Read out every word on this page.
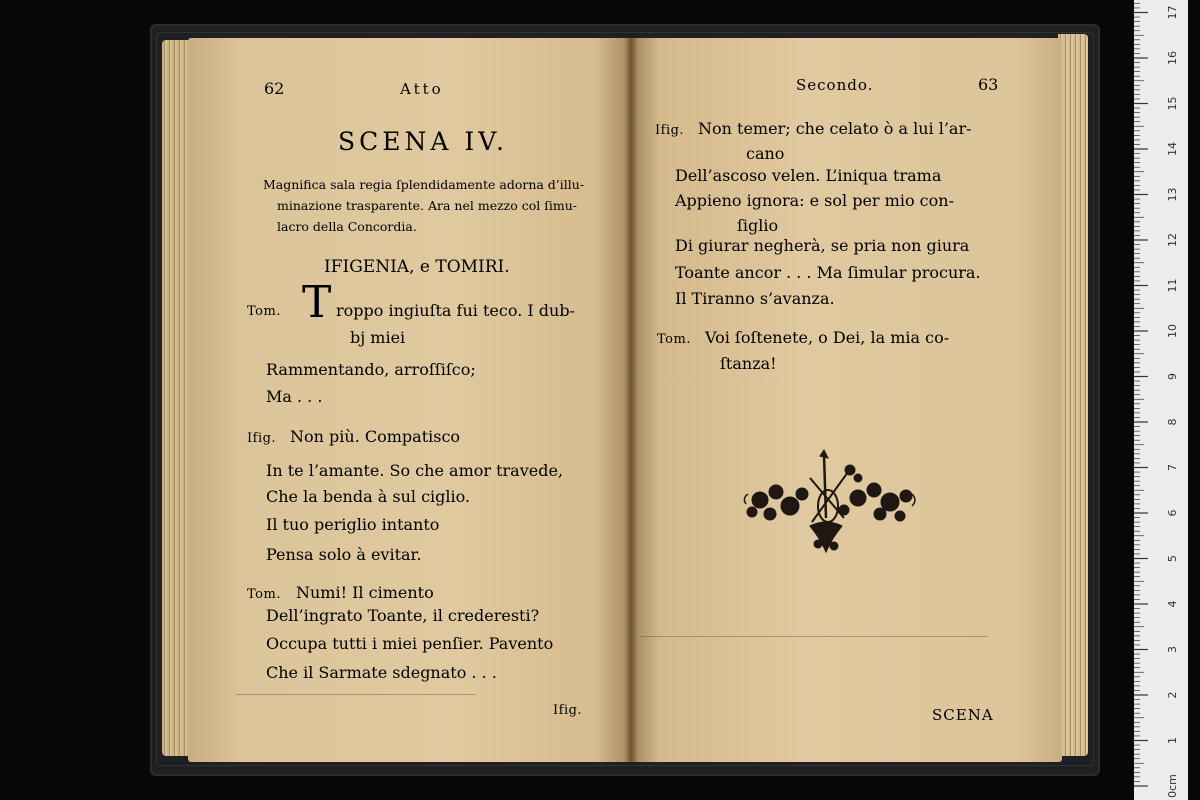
62	Atto
SCENA IV.
Magnifica sala regia ſplendidamente adorna d’illu-
minazione trasparente. Ara nel mezzo col ſimu-
lacro della Concordia.
IFIGENIA, e TOMIRI.
Tom. T roppo ingiuſta fui teco. I dub-
bj miei
Rammentando, arroſſiſco;
Ma . . .
Ifig. Non più. Compatisco
In te l’amante. So che amor travede,
Che la benda à sul ciglio.
Il tuo periglio intanto
Pensa solo à evitar.
Tom. Numi! Il cimento
Dell’ingrato Toante, il crederesti?
Occupa tutti i miei penſier. Pavento
Che il Sarmate sdegnato . . .
Ifig.
Secondo.	63
Ifig. Non temer; che celato ò a lui l’ar-
cano
Dell’ascoso velen. L’iniqua trama
Appieno ignora: e sol per mio con-
ſiglio
Di giurar negherà, se pria non giura
Toante ancor . . . Ma ſimular procura.
Il Tiranno s’avanza.
Tom. Voi ſoſtenete, o Dei, la mia co-
ſtanza!
SCENA
0cm
1
2
3
4
5
6
7
8
9
10
11
12
13
14
15
16
17
